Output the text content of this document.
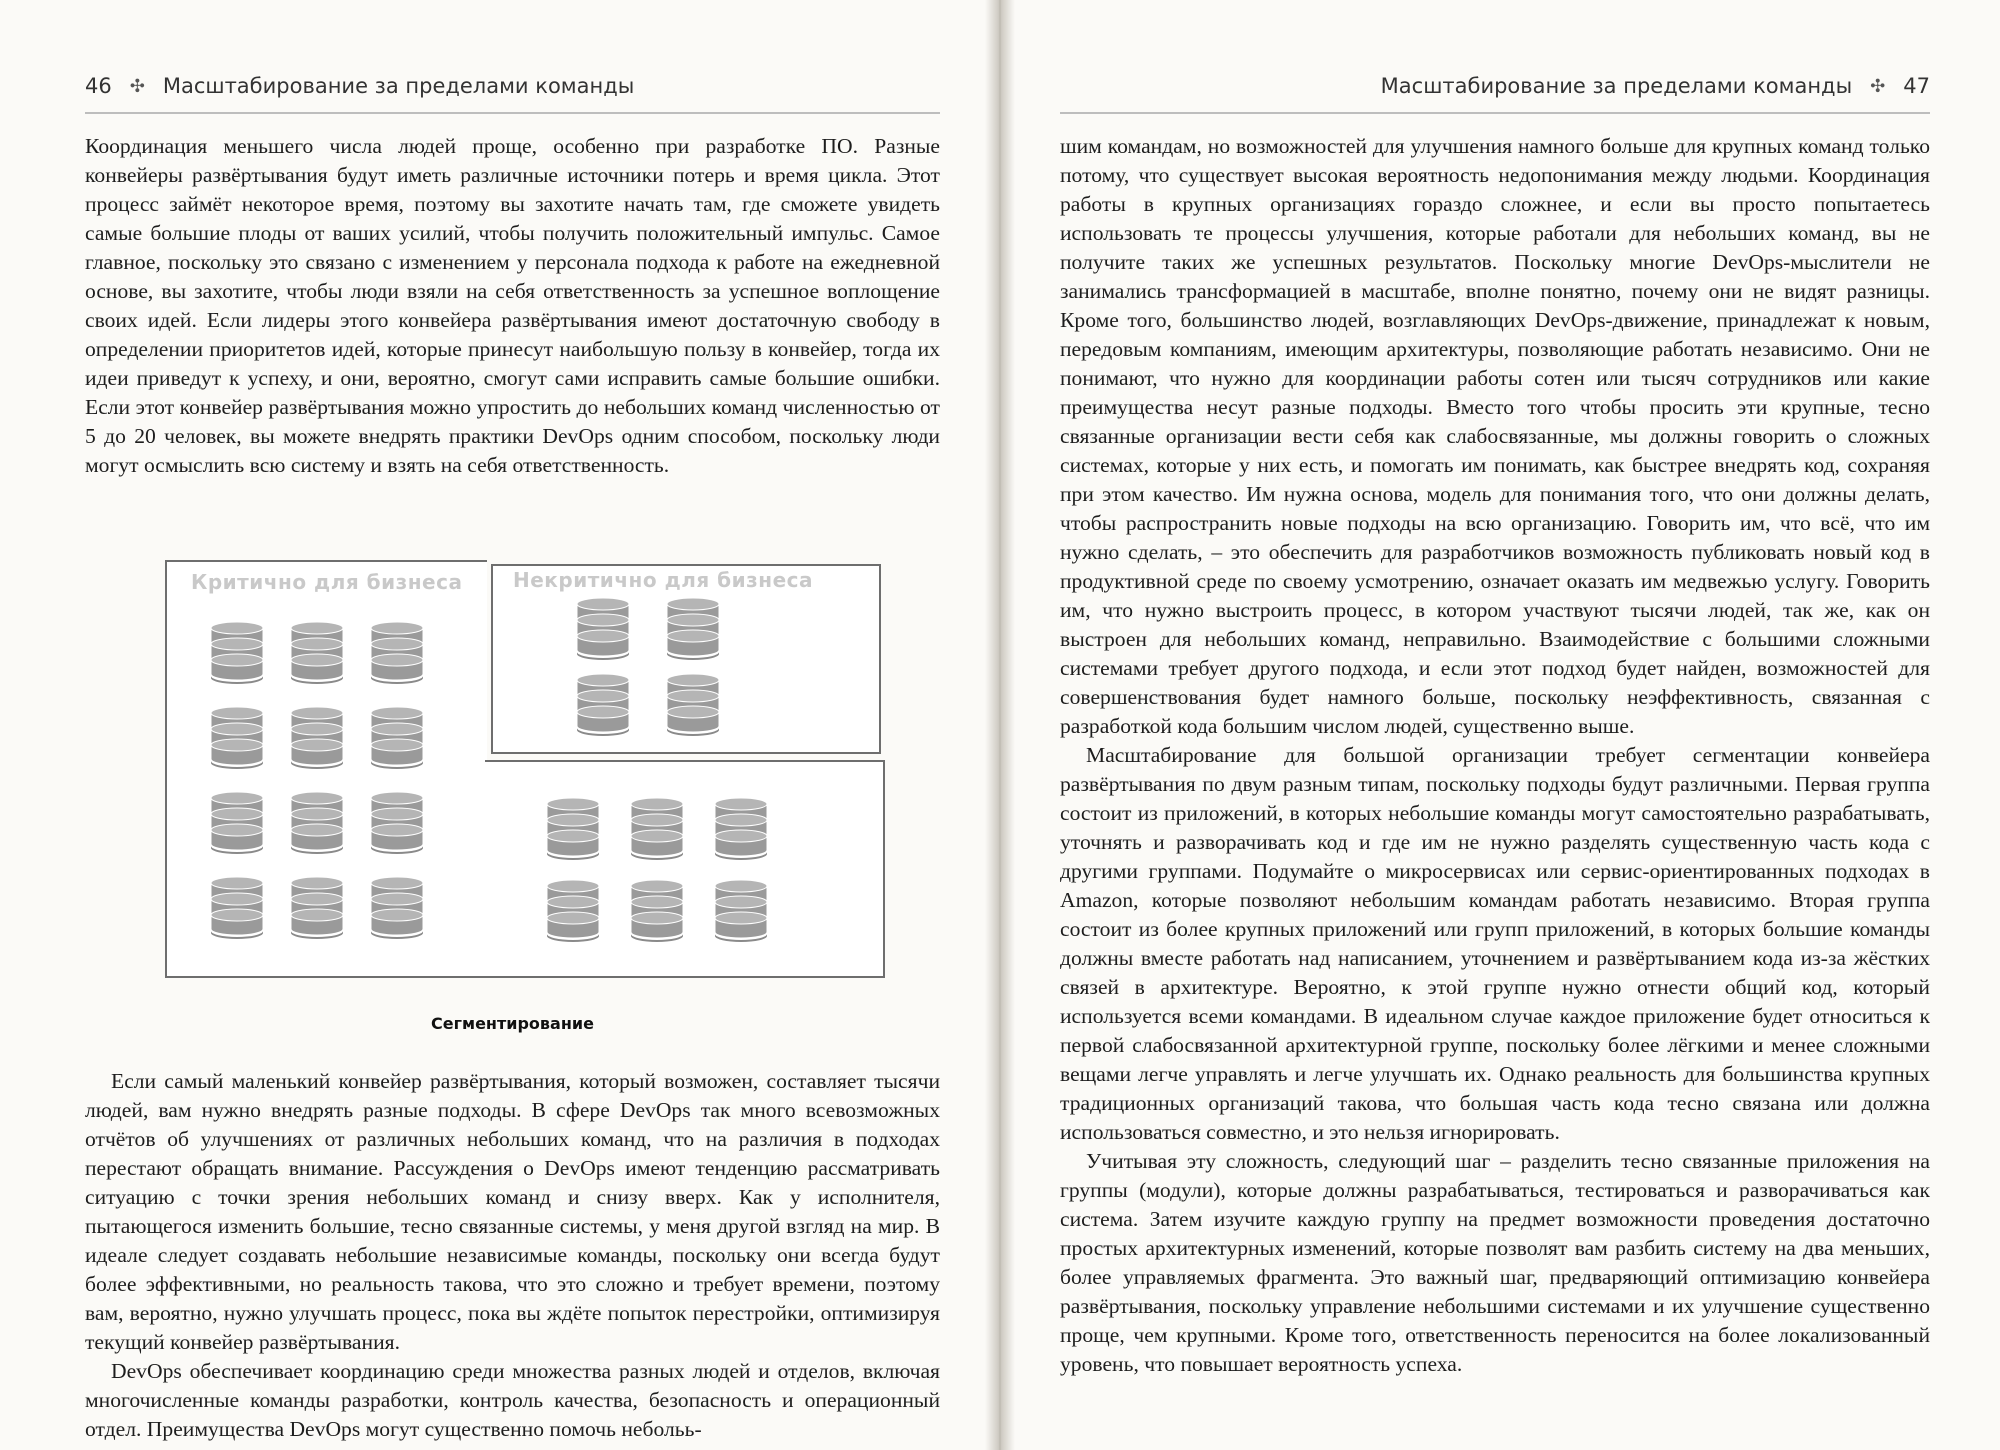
46 ✣ Масштабирование за пределами команды

Координация меньшего числа людей проще, особенно при разработке ПО. Разные конвейеры развёртывания будут иметь различные источники потерь и время цикла. Этот процесс займёт некоторое время, поэтому вы захотите начать там, где сможете увидеть самые большие плоды от ваших усилий, чтобы получить положительный импульс. Самое главное, поскольку это связано с изменением у персонала подхода к работе на ежедневной основе, вы захотите, чтобы люди взяли на себя ответственность за успешное воплощение своих идей. Если лидеры этого конвейера развёртывания имеют достаточную свободу в определении приоритетов идей, которые принесут наибольшую пользу в конвейер, тогда их идеи приведут к успеху, и они, вероятно, смогут сами исправить самые большие ошибки. Если этот конвейер развёртывания можно упростить до небольших команд численностью от 5 до 20 человек, вы можете внедрять практики DevOps одним способом, поскольку люди могут осмыслить всю систему и взять на себя ответственность.

Критично для бизнеса	Некритично для бизнеса
Сегментирование

Если самый маленький конвейер развёртывания, который возможен, составляет тысячи людей, вам нужно внедрять разные подходы. В сфере DevOps так много всевозможных отчётов об улучшениях от различных небольших команд, что на различия в подходах перестают обращать внимание. Рассуждения о DevOps имеют тенденцию рассматривать ситуацию с точки зрения небольших команд и снизу вверх. Как у исполнителя, пытающегося изменить большие, тесно связанные системы, у меня другой взгляд на мир. В идеале следует создавать небольшие независимые команды, поскольку они всегда будут более эффективными, но реальность такова, что это сложно и требует времени, поэтому вам, вероятно, нужно улучшать процесс, пока вы ждёте попыток перестройки, оптимизируя текущий конвейер развёртывания.

DevOps обеспечивает координацию среди множества разных людей и отделов, включая многочисленные команды разработки, контроль качества, безопасность и операционный отдел. Преимущества DevOps могут существенно помочь небольь-

Масштабирование за пределами команды ✣ 47

шим командам, но возможностей для улучшения намного больше для крупных команд только потому, что существует высокая вероятность недопонимания между людьми. Координация работы в крупных организациях гораздо сложнее, и если вы просто попытаетесь использовать те процессы улучшения, которые работали для небольших команд, вы не получите таких же успешных результатов. Поскольку многие DevOps-мыслители не занимались трансформацией в масштабе, вполне понятно, почему они не видят разницы. Кроме того, большинство людей, возглавляющих DevOps-движение, принадлежат к новым, передовым компаниям, имеющим архитектуры, позволяющие работать независимо. Они не понимают, что нужно для координации работы сотен или тысяч сотрудников или какие преимущества несут разные подходы. Вместо того чтобы просить эти крупные, тесно связанные организации вести себя как слабосвязанные, мы должны говорить о сложных системах, которые у них есть, и помогать им понимать, как быстрее внедрять код, сохраняя при этом качество. Им нужна основа, модель для понимания того, что они должны делать, чтобы распространить новые подходы на всю организацию. Говорить им, что всё, что им нужно сделать, – это обеспечить для разработчиков возможность публиковать новый код в продуктивной среде по своему усмотрению, означает оказать им медвежью услугу. Говорить им, что нужно выстроить процесс, в котором участвуют тысячи людей, так же, как он выстроен для небольших команд, неправильно. Взаимодействие с большими сложными системами требует другого подхода, и если этот подход будет найден, возможностей для совершенствования будет намного больше, поскольку неэффективность, связанная с разработкой кода большим числом людей, существенно выше.

Масштабирование для большой организации требует сегментации конвейера развёртывания по двум разным типам, поскольку подходы будут различными. Первая группа состоит из приложений, в которых небольшие команды могут самостоятельно разрабатывать, уточнять и разворачивать код и где им не нужно разделять существенную часть кода с другими группами. Подумайте о микросервисах или сервис-ориентированных подходах в Amazon, которые позволяют небольшим командам работать независимо. Вторая группа состоит из более крупных приложений или групп приложений, в которых большие команды должны вместе работать над написанием, уточнением и развёртыванием кода из-за жёстких связей в архитектуре. Вероятно, к этой группе нужно отнести общий код, который используется всеми командами. В идеальном случае каждое приложение будет относиться к первой слабосвязанной архитектурной группе, поскольку более лёгкими и менее сложными вещами легче управлять и легче улучшать их. Однако реальность для большинства крупных традиционных организаций такова, что большая часть кода тесно связана или должна использоваться совместно, и это нельзя игнорировать.

Учитывая эту сложность, следующий шаг – разделить тесно связанные приложения на группы (модули), которые должны разрабатываться, тестироваться и разворачиваться как система. Затем изучите каждую группу на предмет возможности проведения достаточно простых архитектурных изменений, которые позволят вам разбить систему на два меньших, более управляемых фрагмента. Это важный шаг, предваряющий оптимизацию конвейера развёртывания, поскольку управление небольшими системами и их улучшение существенно проще, чем крупными. Кроме того, ответственность переносится на более локализованный уровень, что повышает вероятность успеха.
